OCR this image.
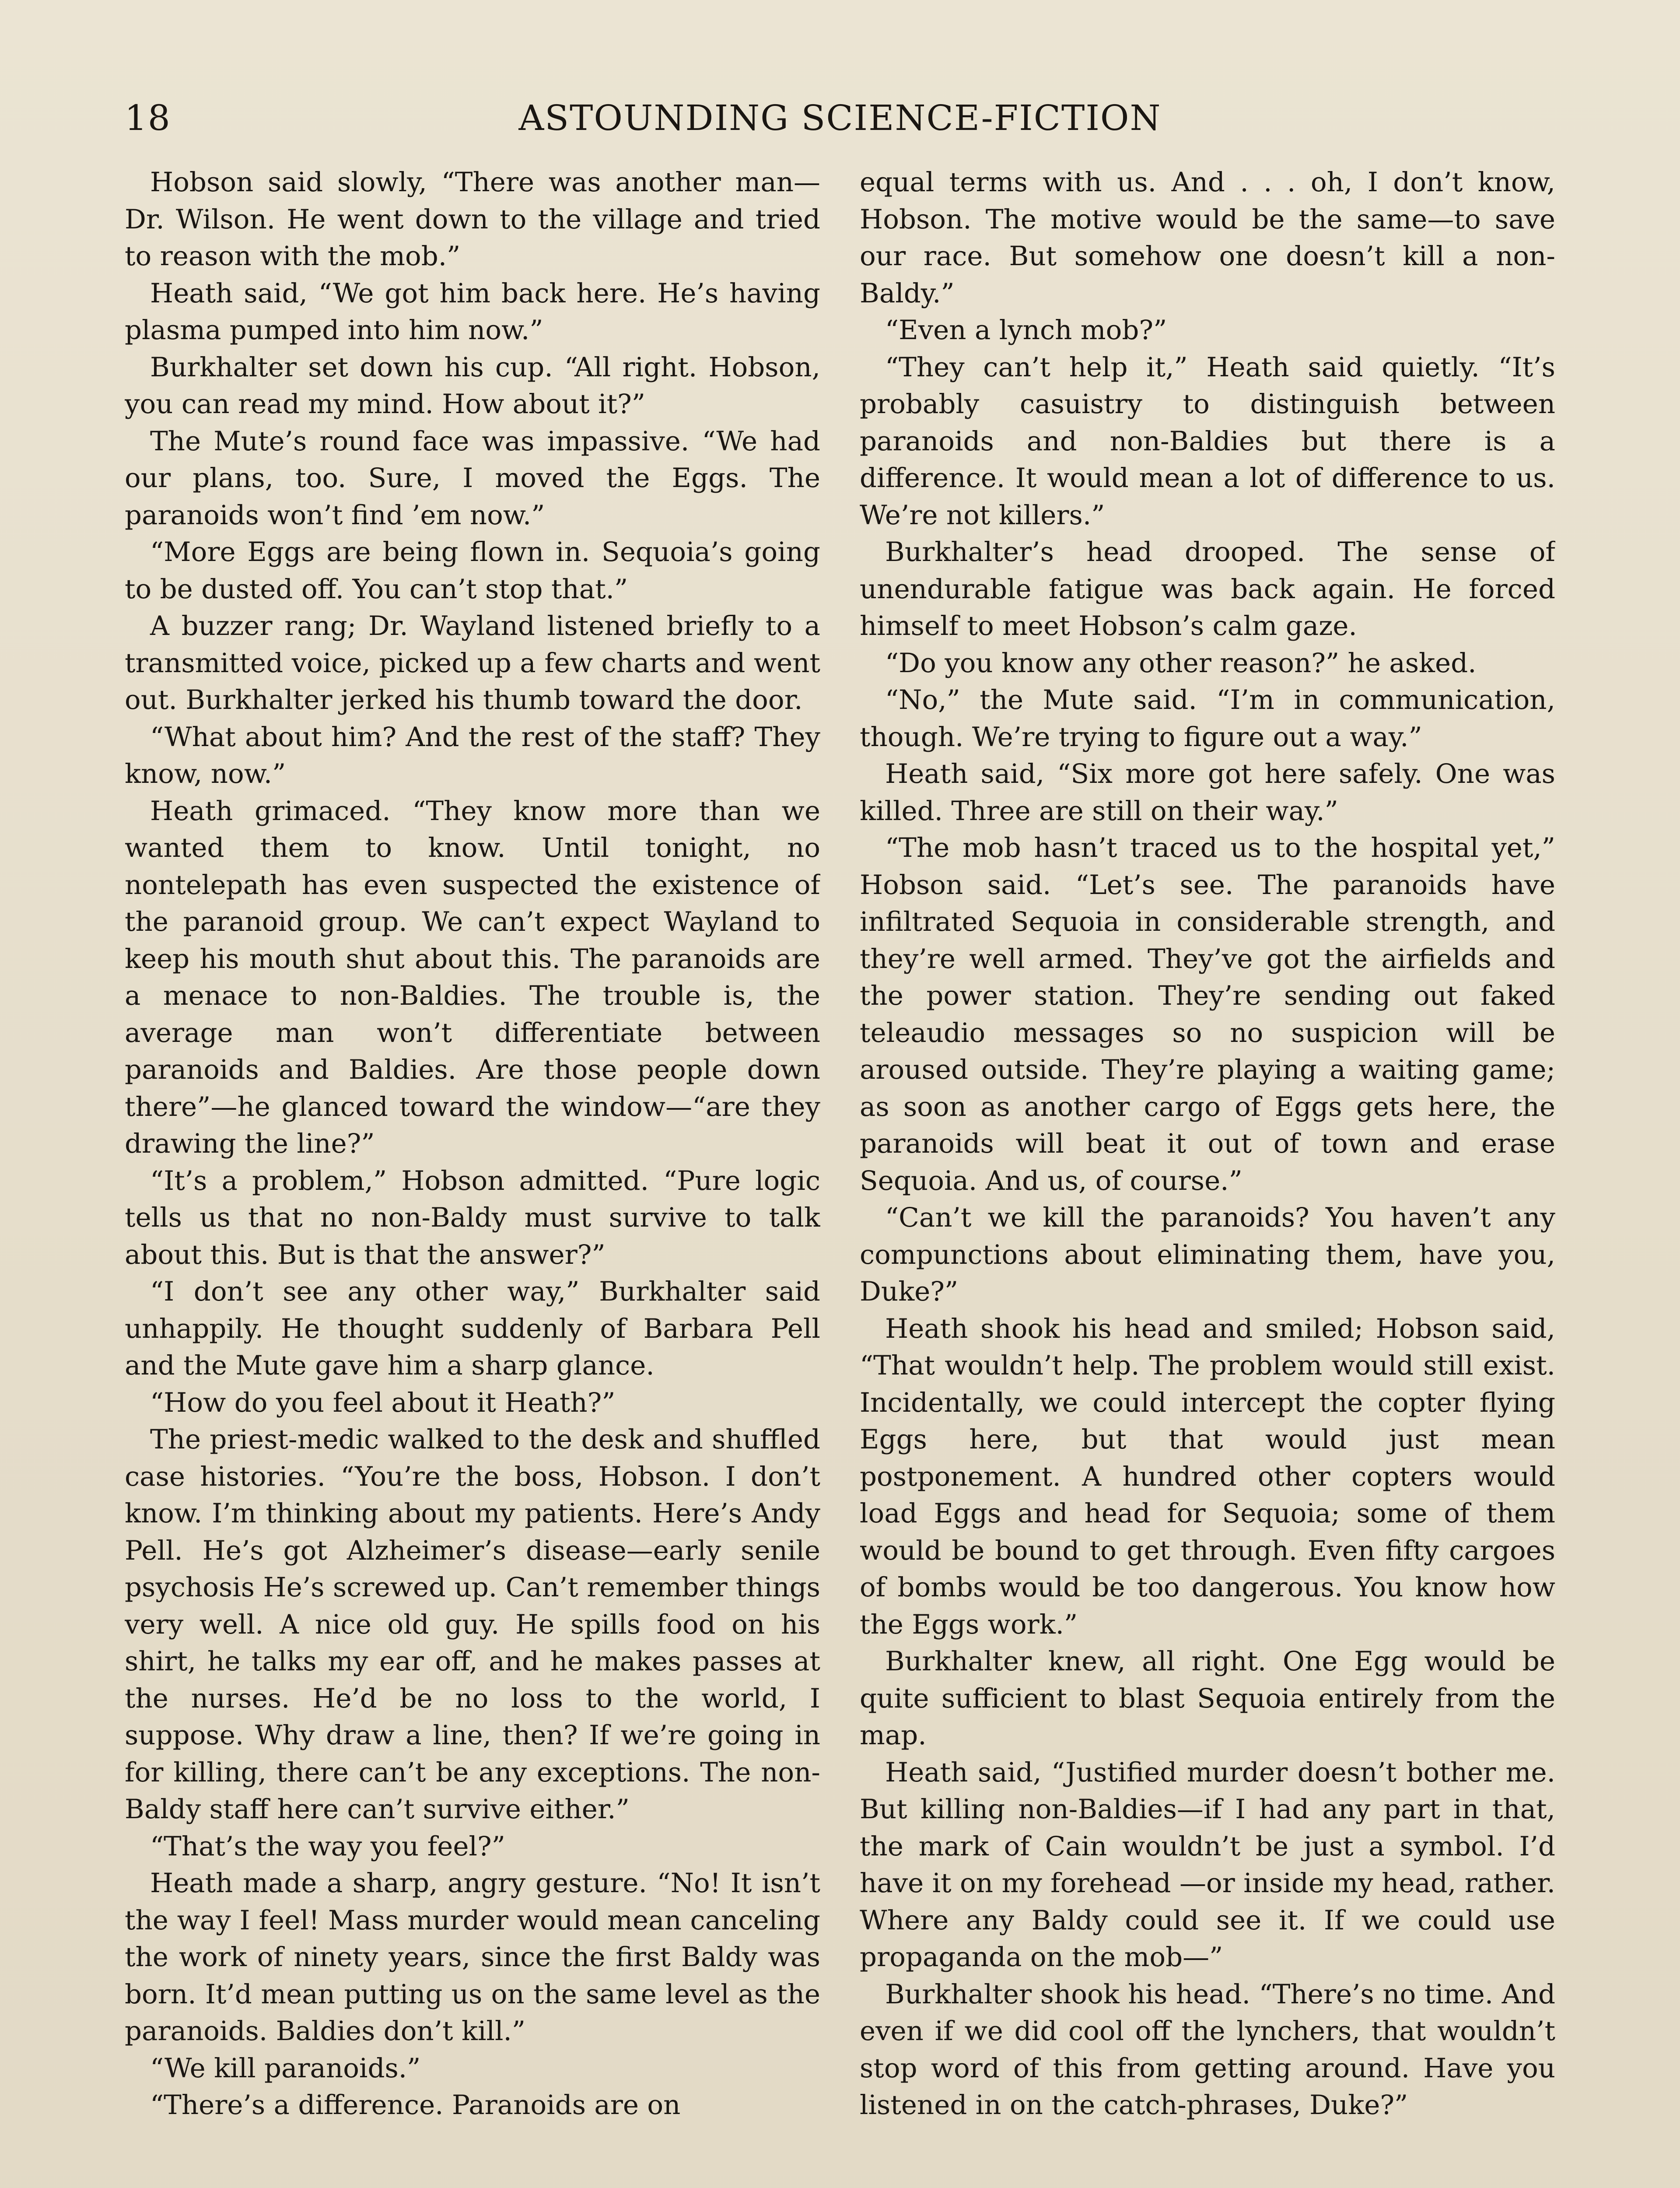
18	ASTOUNDING SCIENCE-FICTION

Hobson said slowly, “There was another man—Dr. Wilson. He went down to the village and tried to reason with the mob.”

Heath said, “We got him back here. He’s having plasma pumped into him now.”

Burkhalter set down his cup. “All right. Hobson, you can read my mind. How about it?”

The Mute’s round face was impassive. “We had our plans, too. Sure, I moved the Eggs. The paranoids won’t find ’em now.”

“More Eggs are being flown in. Sequoia’s going to be dusted off. You can’t stop that.”

A buzzer rang; Dr. Wayland listened briefly to a transmitted voice, picked up a few charts and went out. Burkhalter jerked his thumb toward the door.

“What about him? And the rest of the staff? They know, now.”

Heath grimaced. “They know more than we wanted them to know. Until tonight, no nontelepath has even suspected the existence of the paranoid group. We can’t expect Wayland to keep his mouth shut about this. The paranoids are a menace to non-Baldies. The trouble is, the average man won’t differentiate between paranoids and Baldies. Are those people down there”—he glanced toward the window—“are they drawing the line?”

“It’s a problem,” Hobson admitted. “Pure logic tells us that no non-Baldy must survive to talk about this. But is that the answer?”

“I don’t see any other way,” Burkhalter said unhappily. He thought suddenly of Barbara Pell and the Mute gave him a sharp glance.

“How do you feel about it Heath?”

The priest-medic walked to the desk and shuffled case histories. “You’re the boss, Hobson. I don’t know. I’m thinking about my patients. Here’s Andy Pell. He’s got Alzheimer’s disease—early senile psychosis He’s screwed up. Can’t remember things very well. A nice old guy. He spills food on his shirt, he talks my ear off, and he makes passes at the nurses. He’d be no loss to the world, I suppose. Why draw a line, then? If we’re going in for killing, there can’t be any exceptions. The non-Baldy staff here can’t survive either.”

“That’s the way you feel?”

Heath made a sharp, angry gesture. “No! It isn’t the way I feel! Mass murder would mean canceling the work of ninety years, since the first Baldy was born. It’d mean putting us on the same level as the paranoids. Baldies don’t kill.”

“We kill paranoids.”

“There’s a difference. Paranoids are on

equal terms with us. And . . . oh, I don’t know, Hobson. The motive would be the same—to save our race. But somehow one doesn’t kill a non-Baldy.”

“Even a lynch mob?”

“They can’t help it,” Heath said quietly. “It’s probably casuistry to distinguish between paranoids and non-Baldies but there is a difference. It would mean a lot of difference to us. We’re not killers.”

Burkhalter’s head drooped. The sense of unendurable fatigue was back again. He forced himself to meet Hobson’s calm gaze.

“Do you know any other reason?” he asked.

“No,” the Mute said. “I’m in communication, though. We’re trying to figure out a way.”

Heath said, “Six more got here safely. One was killed. Three are still on their way.”

“The mob hasn’t traced us to the hospital yet,” Hobson said. “Let’s see. The paranoids have infiltrated Sequoia in considerable strength, and they’re well armed. They’ve got the airfields and the power station. They’re sending out faked teleaudio messages so no suspicion will be aroused outside. They’re playing a waiting game; as soon as another cargo of Eggs gets here, the paranoids will beat it out of town and erase Sequoia. And us, of course.”

“Can’t we kill the paranoids? You haven’t any compunctions about eliminating them, have you, Duke?”

Heath shook his head and smiled; Hobson said, “That wouldn’t help. The problem would still exist. Incidentally, we could intercept the copter flying Eggs here, but that would just mean postponement. A hundred other copters would load Eggs and head for Sequoia; some of them would be bound to get through. Even fifty cargoes of bombs would be too dangerous. You know how the Eggs work.”

Burkhalter knew, all right. One Egg would be quite sufficient to blast Sequoia entirely from the map.

Heath said, “Justified murder doesn’t bother me. But killing non-Baldies—if I had any part in that, the mark of Cain wouldn’t be just a symbol. I’d have it on my forehead —or inside my head, rather. Where any Baldy could see it. If we could use propaganda on the mob—”

Burkhalter shook his head. “There’s no time. And even if we did cool off the lynchers, that wouldn’t stop word of this from getting around. Have you listened in on the catch-phrases, Duke?”
